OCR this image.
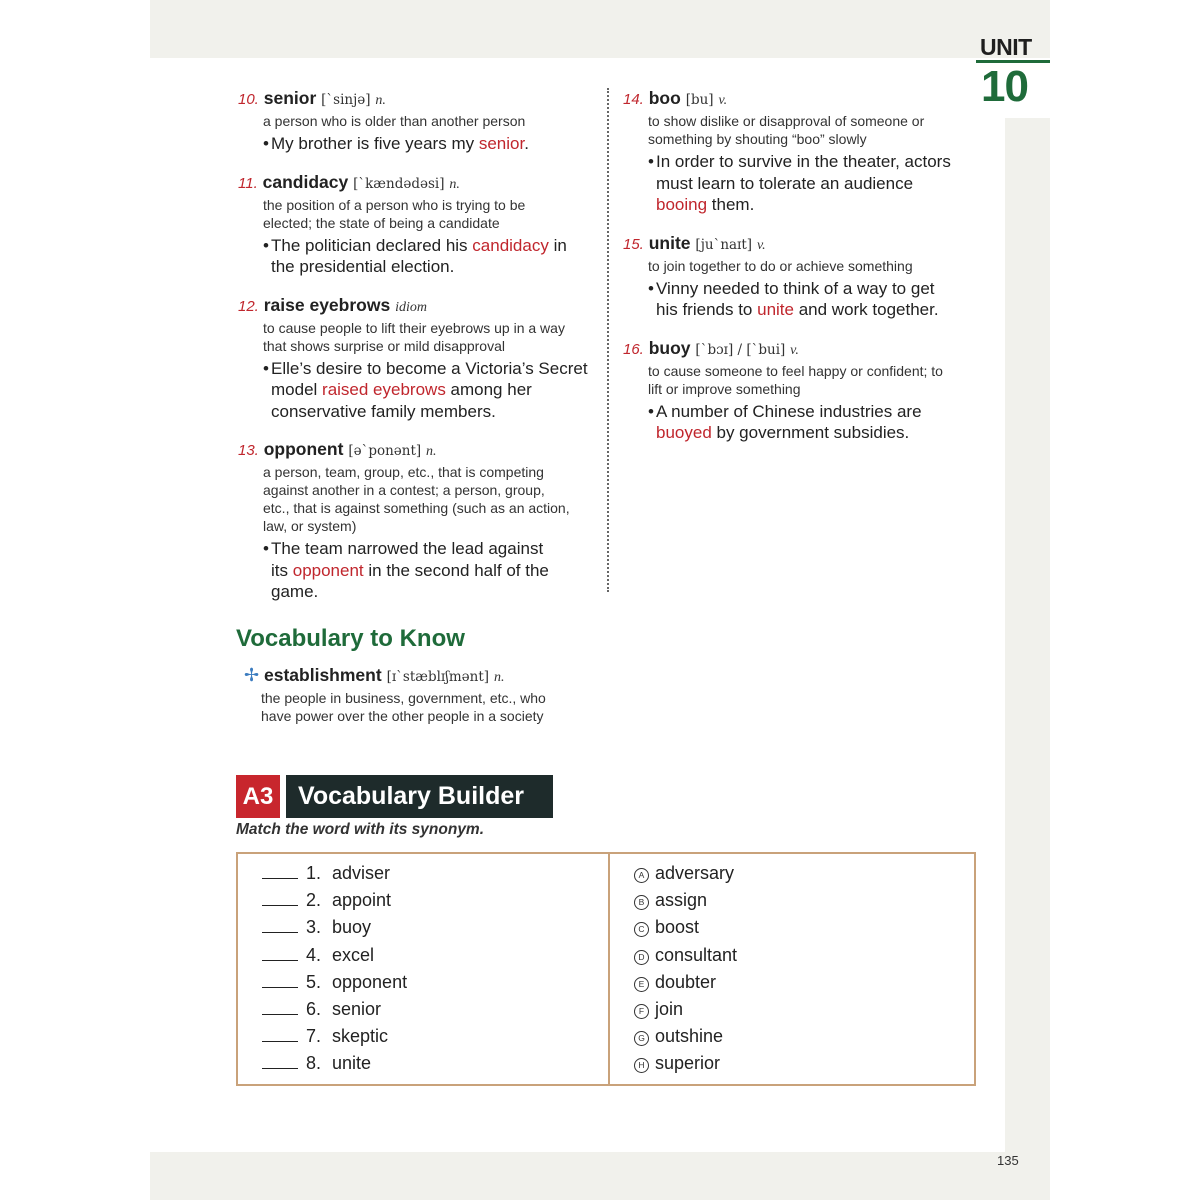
UNIT
10
10. senior [ˋsinjə] n.
a person who is older than another person
• My brother is five years my senior.
11. candidacy [ˋkændədəsi] n.
the position of a person who is trying to be
elected; the state of being a candidate
• The politician declared his candidacy in
the presidential election.
12. raise eyebrows idiom
to cause people to lift their eyebrows up in a way
that shows surprise or mild disapproval
• Elle’s desire to become a Victoria’s Secret
model raised eyebrows among her
conservative family members.
13. opponent [əˋponənt] n.
a person, team, group, etc., that is competing
against another in a contest; a person, group,
etc., that is against something (such as an action,
law, or system)
• The team narrowed the lead against
its opponent in the second half of the
game.
14. boo [bu] v.
to show dislike or disapproval of someone or
something by shouting “boo” slowly
• In order to survive in the theater, actors
must learn to tolerate an audience
booing them.
15. unite [juˋnaɪt] v.
to join together to do or achieve something
• Vinny needed to think of a way to get
his friends to unite and work together.
16. buoy [ˋbɔɪ] / [ˋbui] v.
to cause someone to feel happy or confident; to
lift or improve something
• A number of Chinese industries are
buoyed by government subsidies.
Vocabulary to Know
✢ establishment [ɪˋstæblɪʃmənt] n.
the people in business, government, etc., who
have power over the other people in a society
A3 Vocabulary Builder
Match the word with its synonym.
1. adviser
2. appoint
3. buoy
4. excel
5. opponent
6. senior
7. skeptic
8. unite
A adversary
B assign
C boost
D consultant
E doubter
F join
G outshine
H superior
135
